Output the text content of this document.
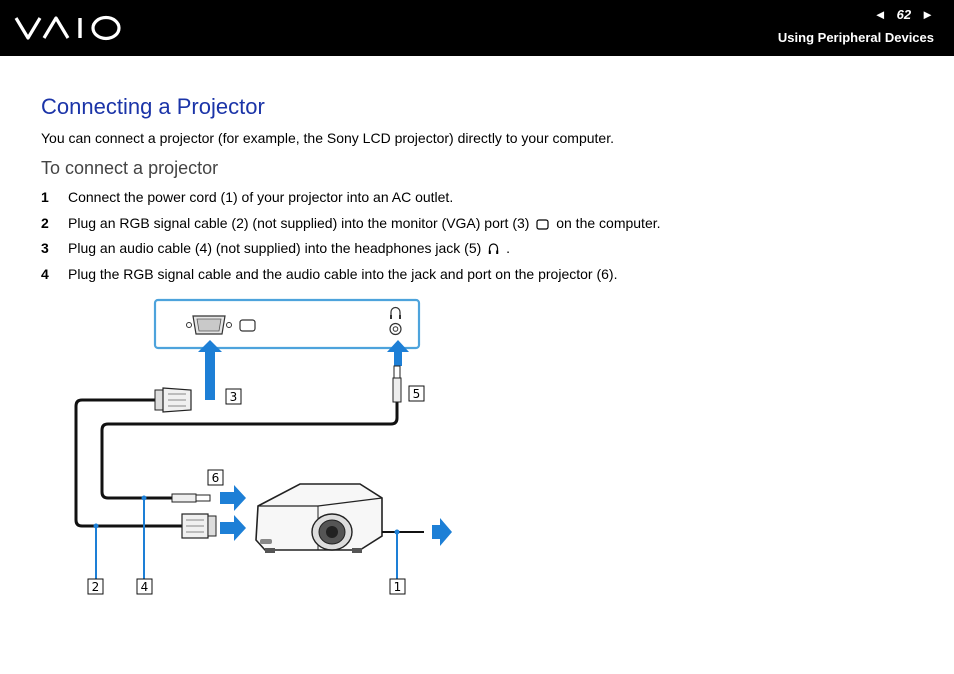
◄ 62 ►
Using Peripheral Devices
Connecting a Projector

You can connect a projector (for example, the Sony LCD projector) directly to your computer.

To connect a projector
1 Connect the power cord (1) of your projector into an AC outlet.
2 Plug an RGB signal cable (2) (not supplied) into the monitor (VGA) port (3) on the computer.
3 Plug an audio cable (4) (not supplied) into the headphones jack (5) .
4 Plug the RGB signal cable and the audio cable into the jack and port on the projector (6).
3	5
6
2	4	1
